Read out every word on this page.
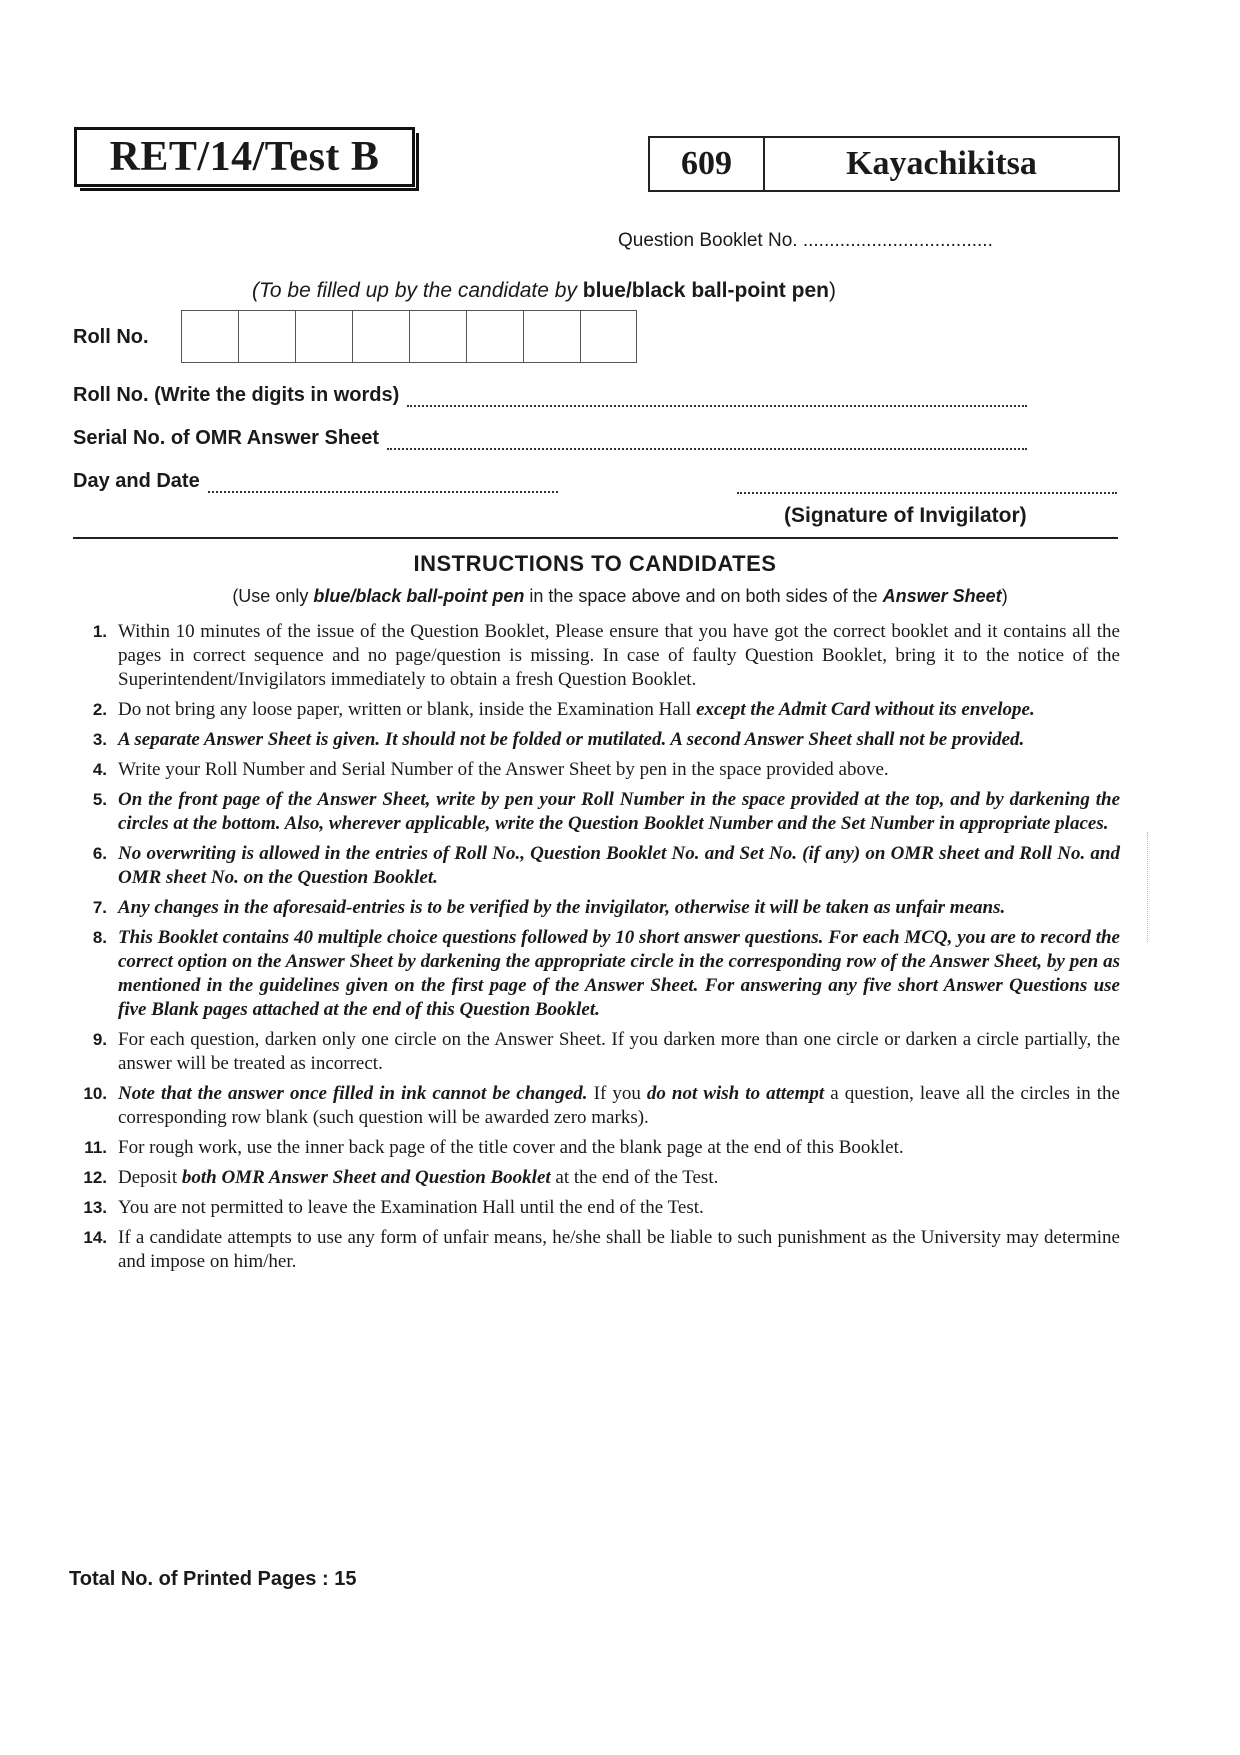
RET/14/Test B	609	Kayachikitsa
Question Booklet No. ....................................
(To be filled up by the candidate by blue/black ball-point pen)
Roll No.
Roll No. (Write the digits in words)
Serial No. of OMR Answer Sheet
Day and Date
(Signature of Invigilator)
INSTRUCTIONS TO CANDIDATES
(Use only blue/black ball-point pen in the space above and on both sides of the Answer Sheet)
1. Within 10 minutes of the issue of the Question Booklet, Please ensure that you have got the correct booklet and it contains all the pages in correct sequence and no page/question is missing. In case of faulty Question Booklet, bring it to the notice of the Superintendent/Invigilators immediately to obtain a fresh Question Booklet.
2. Do not bring any loose paper, written or blank, inside the Examination Hall except the Admit Card without its envelope.
3. A separate Answer Sheet is given. It should not be folded or mutilated. A second Answer Sheet shall not be provided.
4. Write your Roll Number and Serial Number of the Answer Sheet by pen in the space provided above.
5. On the front page of the Answer Sheet, write by pen your Roll Number in the space provided at the top, and by darkening the circles at the bottom. Also, wherever applicable, write the Question Booklet Number and the Set Number in appropriate places.
6. No overwriting is allowed in the entries of Roll No., Question Booklet No. and Set No. (if any) on OMR sheet and Roll No. and OMR sheet No. on the Question Booklet.
7. Any changes in the aforesaid-entries is to be verified by the invigilator, otherwise it will be taken as unfair means.
8. This Booklet contains 40 multiple choice questions followed by 10 short answer questions. For each MCQ, you are to record the correct option on the Answer Sheet by darkening the appropriate circle in the corresponding row of the Answer Sheet, by pen as mentioned in the guidelines given on the first page of the Answer Sheet. For answering any five short Answer Questions use five Blank pages attached at the end of this Question Booklet.
9. For each question, darken only one circle on the Answer Sheet. If you darken more than one circle or darken a circle partially, the answer will be treated as incorrect.
10. Note that the answer once filled in ink cannot be changed. If you do not wish to attempt a question, leave all the circles in the corresponding row blank (such question will be awarded zero marks).
11. For rough work, use the inner back page of the title cover and the blank page at the end of this Booklet.
12. Deposit both OMR Answer Sheet and Question Booklet at the end of the Test.
13. You are not permitted to leave the Examination Hall until the end of the Test.
14. If a candidate attempts to use any form of unfair means, he/she shall be liable to such punishment as the University may determine and impose on him/her.
Total No. of Printed Pages : 15
